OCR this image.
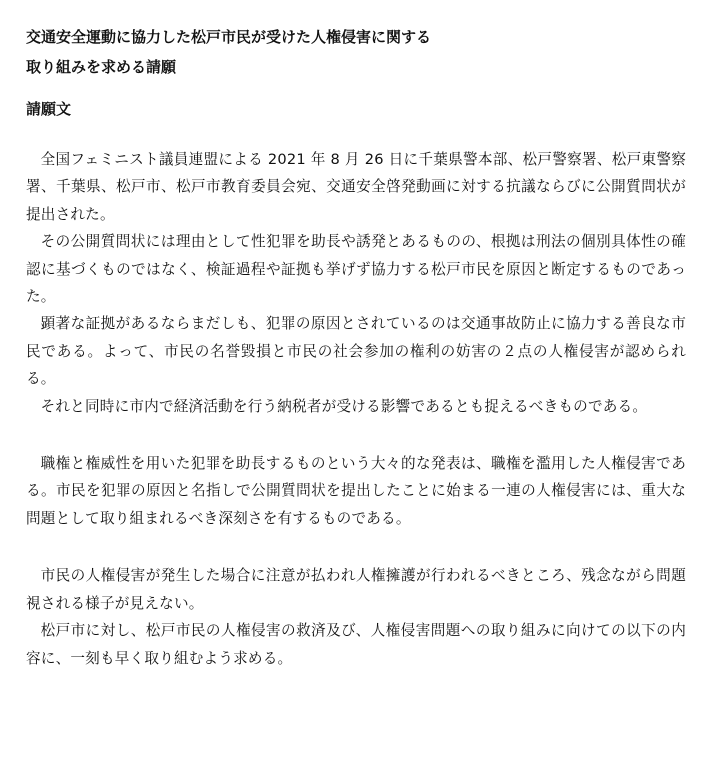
交通安全運動に協力した松戸市民が受けた人権侵害に関する
取り組みを求める請願
請願文

全国フェミニスト議員連盟による 2021 年 8 月 26 日に千葉県警本部、松戸警察署、松戸東警察署、千葉県、松戸市、松戸市教育委員会宛、交通安全啓発動画に対する抗議ならびに公開質問状が提出された。

その公開質問状には理由として性犯罪を助長や誘発とあるものの、根拠は刑法の個別具体性の確認に基づくものではなく、検証過程や証拠も挙げず協力する松戸市民を原因と断定するものであった。

顕著な証拠があるならまだしも、犯罪の原因とされているのは交通事故防止に協力する善良な市民である。よって、市民の名誉毀損と市民の社会参加の権利の妨害の２点の人権侵害が認められる。

それと同時に市内で経済活動を行う納税者が受ける影響であるとも捉えるべきものである。

職権と権威性を用いた犯罪を助長するものという大々的な発表は、職権を濫用した人権侵害である。市民を犯罪の原因と名指しで公開質問状を提出したことに始まる一連の人権侵害には、重大な問題として取り組まれるべき深刻さを有するものである。

市民の人権侵害が発生した場合に注意が払われ人権擁護が行われるべきところ、残念ながら問題視される様子が見えない。

松戸市に対し、松戸市民の人権侵害の救済及び、人権侵害問題への取り組みに向けての以下の内容に、一刻も早く取り組むよう求める。
